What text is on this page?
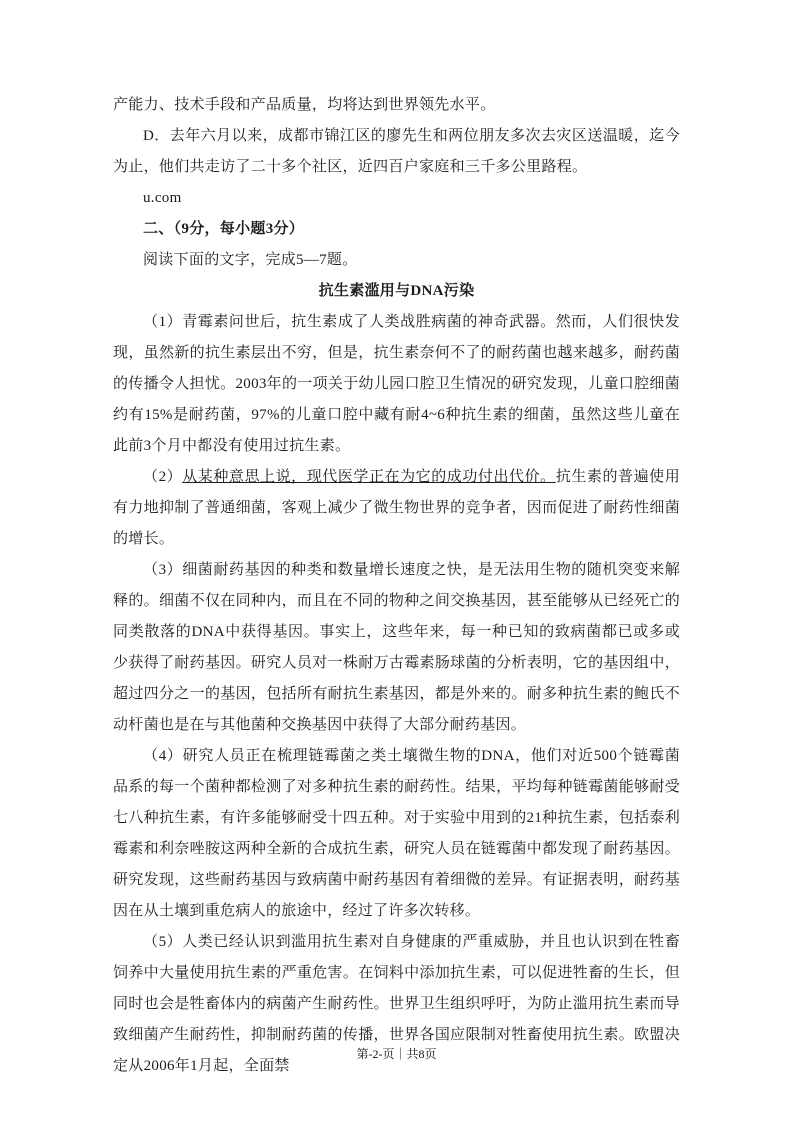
产能力、技术手段和产品质量，均将达到世界领先水平。

D．去年六月以来，成都市锦江区的廖先生和两位朋友多次去灾区送温暖，迄今为止，他们共走访了二十多个社区，近四百户家庭和三千多公里路程。

u.com

二、（9分，每小题3分）

阅读下面的文字，完成5—7题。

抗生素滥用与DNA污染

（1）青霉素问世后，抗生素成了人类战胜病菌的神奇武器。然而，人们很快发现，虽然新的抗生素层出不穷，但是，抗生素奈何不了的耐药菌也越来越多，耐药菌的传播令人担忧。2003年的一项关于幼儿园口腔卫生情况的研究发现，儿童口腔细菌约有15%是耐药菌，97%的儿童口腔中藏有耐4~6种抗生素的细菌，虽然这些儿童在此前3个月中都没有使用过抗生素。

（2）从某种意思上说，现代医学正在为它的成功付出代价。抗生素的普遍使用有力地抑制了普通细菌，客观上减少了微生物世界的竞争者，因而促进了耐药性细菌的增长。

（3）细菌耐药基因的种类和数量增长速度之快，是无法用生物的随机突变来解释的。细菌不仅在同种内，而且在不同的物种之间交换基因，甚至能够从已经死亡的同类散落的DNA中获得基因。事实上，这些年来，每一种已知的致病菌都已或多或少获得了耐药基因。研究人员对一株耐万古霉素肠球菌的分析表明，它的基因组中，超过四分之一的基因，包括所有耐抗生素基因，都是外来的。耐多种抗生素的鲍氏不动杆菌也是在与其他菌种交换基因中获得了大部分耐药基因。

（4）研究人员正在梳理链霉菌之类土壤微生物的DNA，他们对近500个链霉菌品系的每一个菌种都检测了对多种抗生素的耐药性。结果，平均每种链霉菌能够耐受七八种抗生素，有许多能够耐受十四五种。对于实验中用到的21种抗生素，包括泰利霉素和利奈唑胺这两种全新的合成抗生素，研究人员在链霉菌中都发现了耐药基因。研究发现，这些耐药基因与致病菌中耐药基因有着细微的差异。有证据表明，耐药基因在从土壤到重危病人的旅途中，经过了许多次转移。

（5）人类已经认识到滥用抗生素对自身健康的严重威胁，并且也认识到在牲畜饲养中大量使用抗生素的严重危害。在饲料中添加抗生素，可以促进牲畜的生长，但同时也会是牲畜体内的病菌产生耐药性。世界卫生组织呼吁，为防止滥用抗生素而导致细菌产生耐药性，抑制耐药菌的传播，世界各国应限制对牲畜使用抗生素。欧盟决定从2006年1月起，全面禁

第-2-页｜共8页
